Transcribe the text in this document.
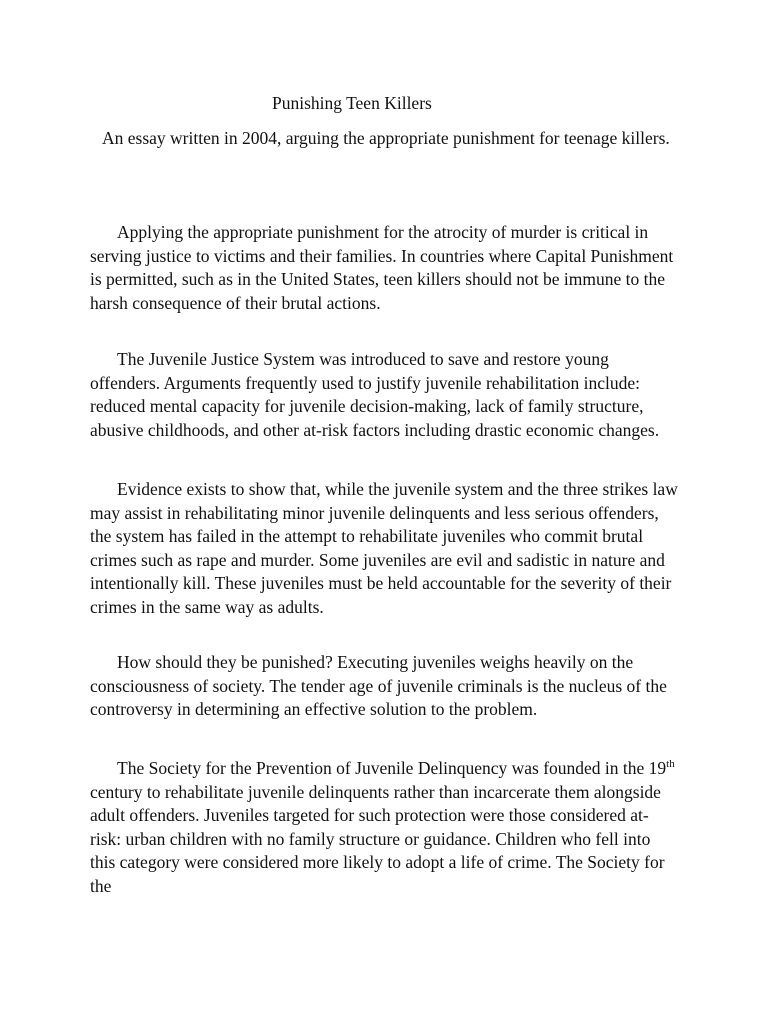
Punishing Teen Killers

An essay written in 2004, arguing the appropriate punishment for teenage killers.

Applying the appropriate punishment for the atrocity of murder is critical in serving justice to victims and their families. In countries where Capital Punishment is permitted, such as in the United States, teen killers should not be immune to the harsh consequence of their brutal actions.

The Juvenile Justice System was introduced to save and restore young offenders. Arguments frequently used to justify juvenile rehabilitation include: reduced mental capacity for juvenile decision-making, lack of family structure, abusive childhoods, and other at-risk factors including drastic economic changes.

Evidence exists to show that, while the juvenile system and the three strikes law may assist in rehabilitating minor juvenile delinquents and less serious offenders, the system has failed in the attempt to rehabilitate juveniles who commit brutal crimes such as rape and murder. Some juveniles are evil and sadistic in nature and intentionally kill. These juveniles must be held accountable for the severity of their crimes in the same way as adults.

How should they be punished? Executing juveniles weighs heavily on the consciousness of society. The tender age of juvenile criminals is the nucleus of the controversy in determining an effective solution to the problem.

The Society for the Prevention of Juvenile Delinquency was founded in the 19th century to rehabilitate juvenile delinquents rather than incarcerate them alongside adult offenders. Juveniles targeted for such protection were those considered at-risk: urban children with no family structure or guidance. Children who fell into this category were considered more likely to adopt a life of crime. The Society for the
